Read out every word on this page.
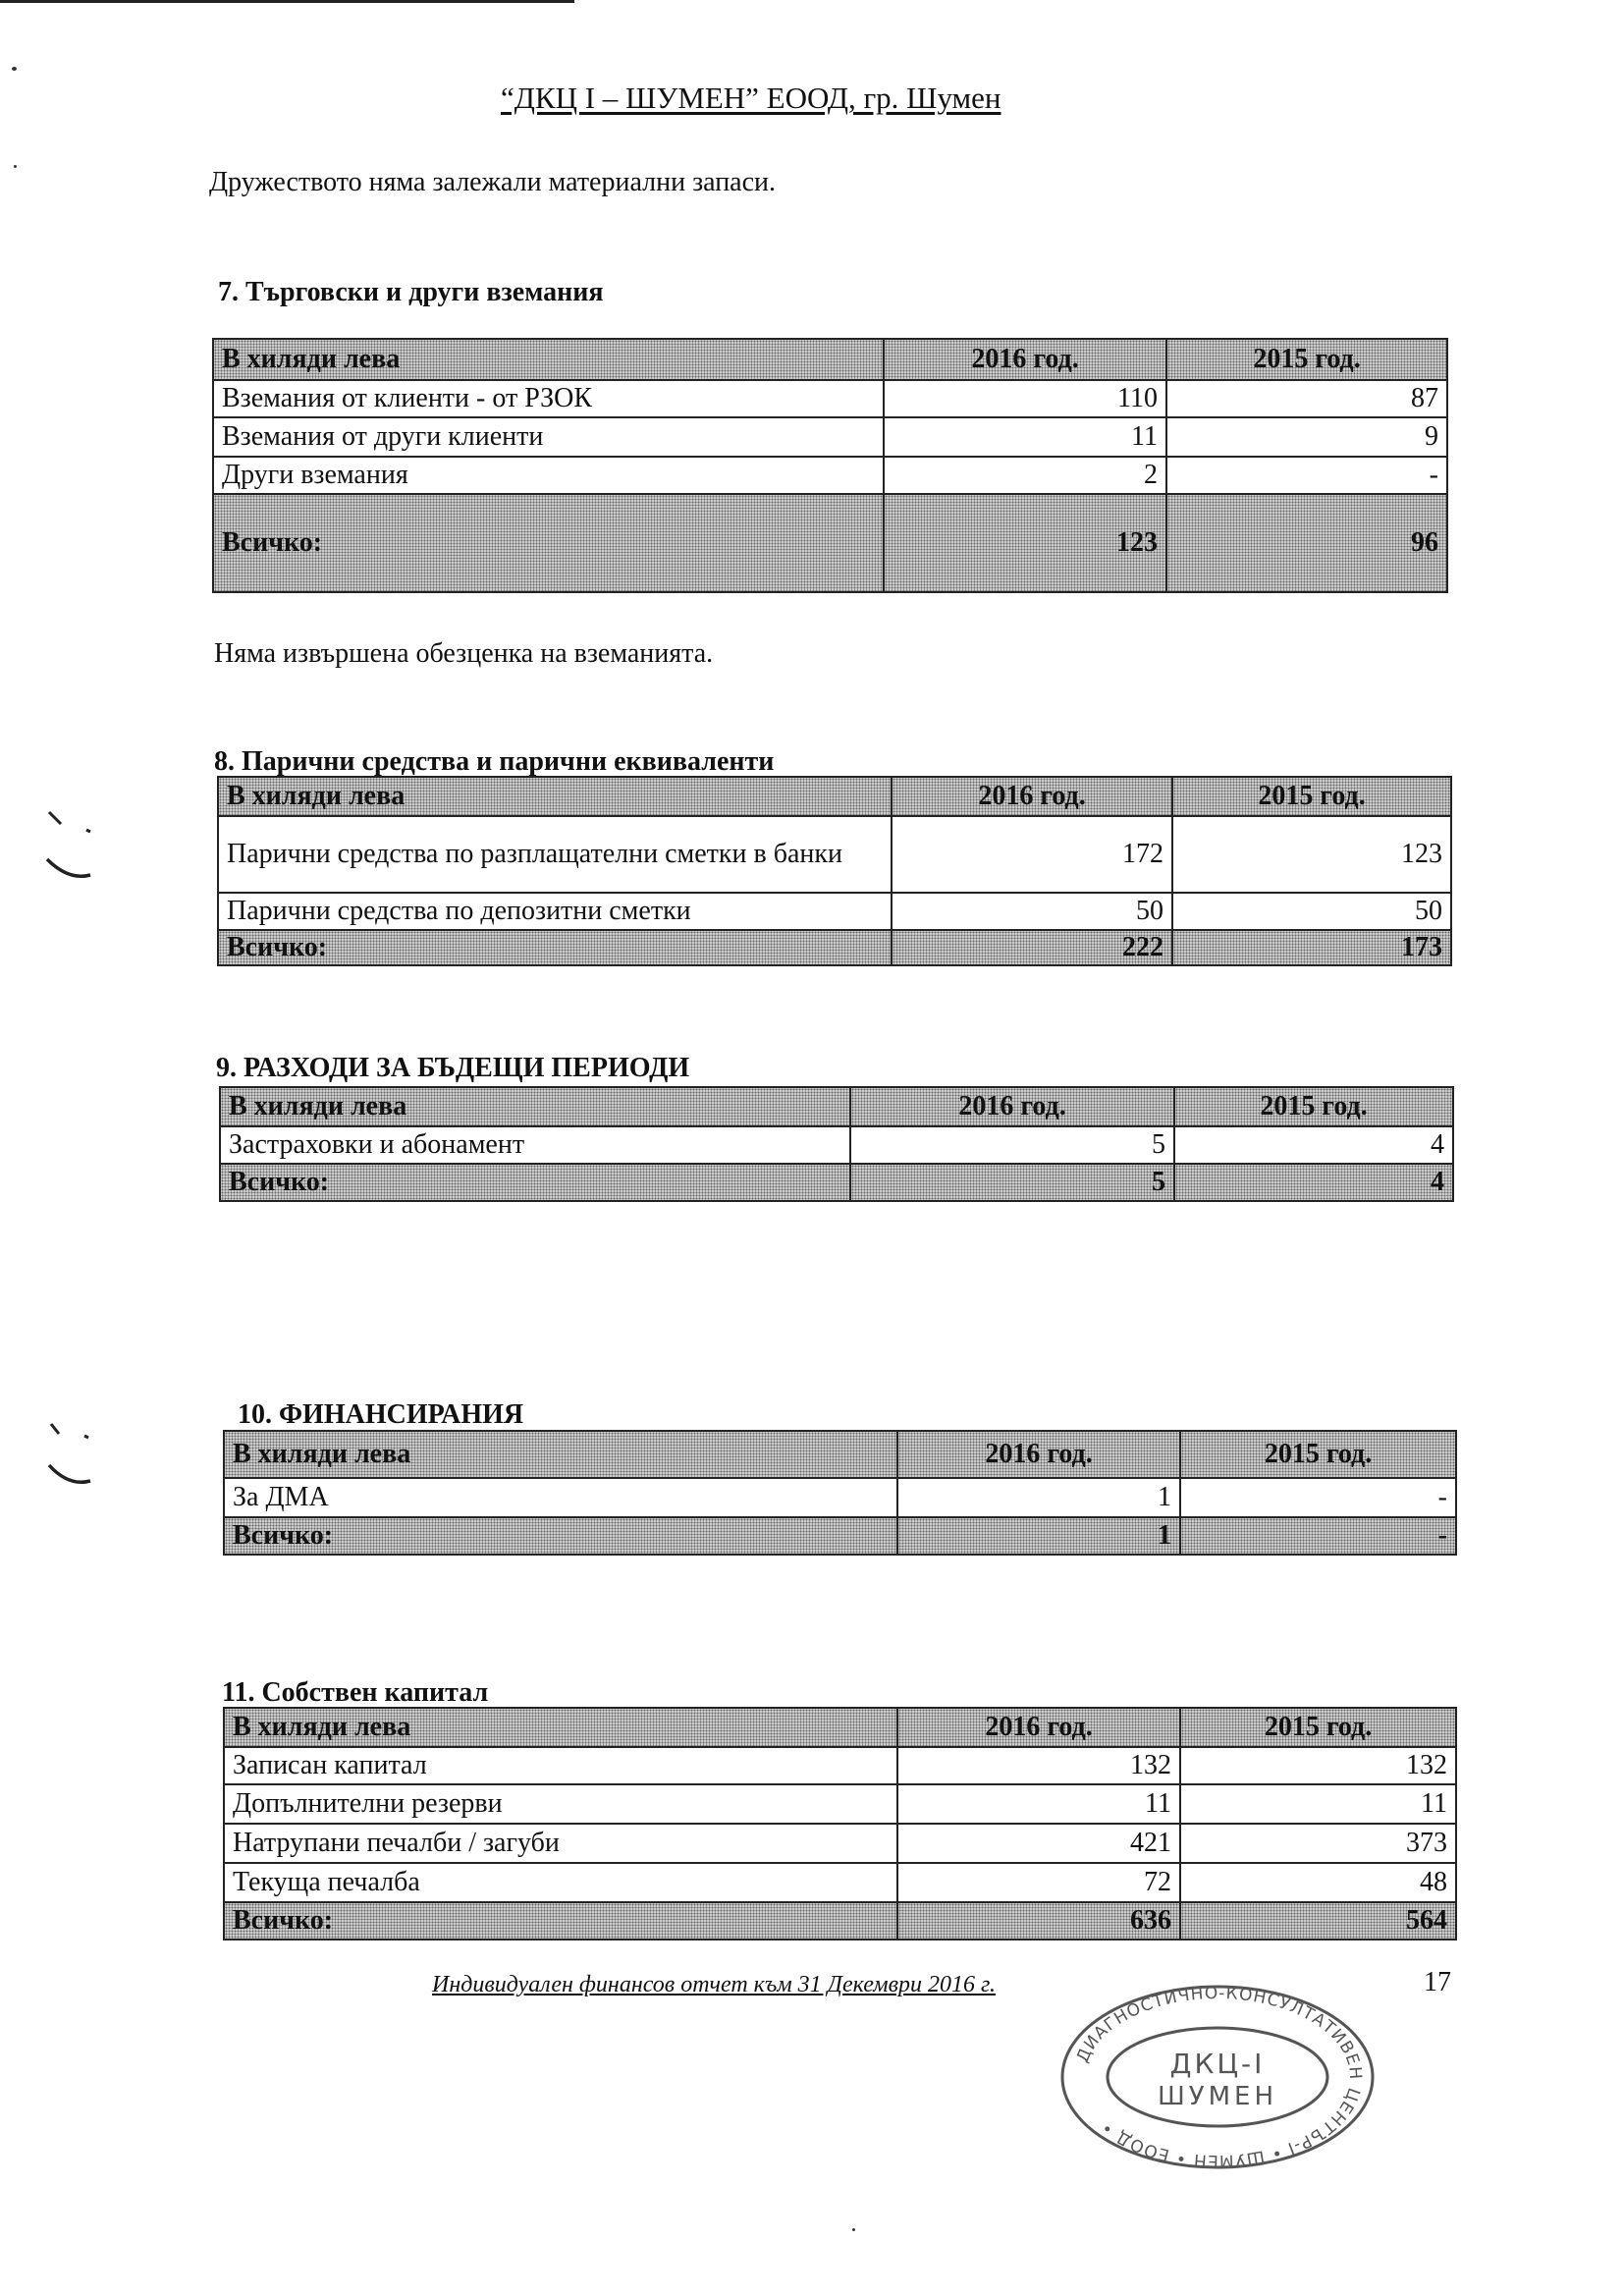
“ДКЦ I – ШУМЕН” ЕООД, гр. Шумен
Дружеството няма залежали материални запаси.
7. Търговски и други вземания
В хиляди лева	2016 год.	2015 год.
Вземания от клиенти - от РЗОК	110	87
Вземания от други клиенти	11	9
Други вземания	2	-
Всичко:	123	96
Няма извършена обезценка на вземанията.
8. Парични средства и парични еквиваленти
В хиляди лева	2016 год.	2015 год.
Парични средства по разплащателни сметки в банки	172	123
Парични средства по депозитни сметки	50	50
Всичко:	222	173
9. РАЗХОДИ ЗА БЪДЕЩИ ПЕРИОДИ
В хиляди лева	2016 год.	2015 год.
Застраховки и абонамент	5	4
Всичко:	5	4
10. ФИНАНСИРАНИЯ
В хиляди лева	2016 год.	2015 год.
За ДМА	1	-
Всичко:	1	-
11. Собствен капитал
В хиляди лева	2016 год.	2015 год.
Записан капитал	132	132
Допълнителни резерви	11	11
Натрупани печалби / загуби	421	373
Текуща печалба	72	48
Всичко:	636	564
Индивидуален финансов отчет към 31 Декември 2016 г.	17
ДИАГНОСТИЧНО-КОНСУЛТАТИВЕН ЦЕНТЪР-I • ШУМЕН • ЕООД •
ДКЦ-I
ШУМЕН
